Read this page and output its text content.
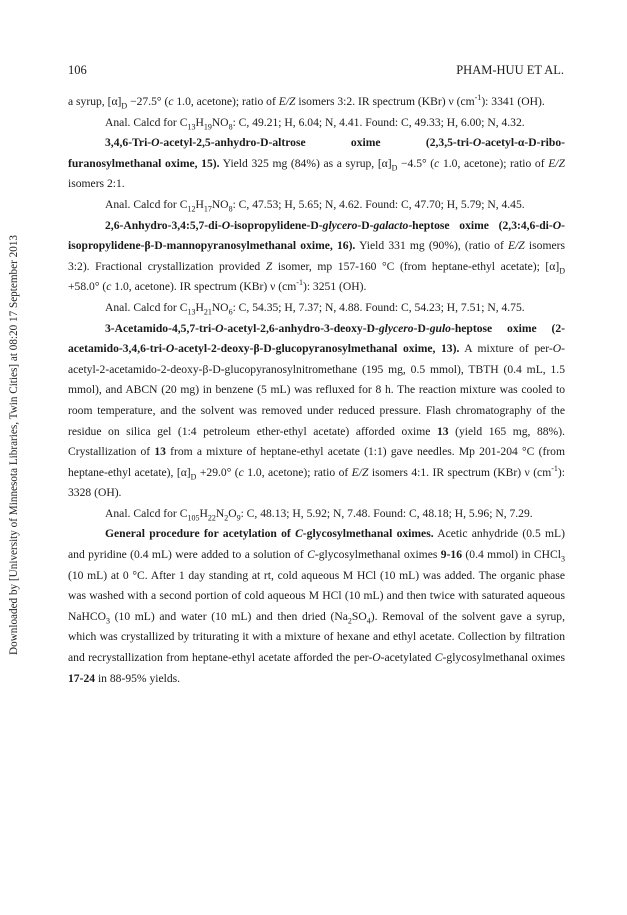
Downloaded by [University of Minnesota Libraries, Twin Cities] at 08:20 17 September 2013
106	PHAM-HUU ET AL.

a syrup, $[\alpha]_D -27.5^\circ$ (c 1.0, acetone); ratio of E/Z isomers 3:2. IR spectrum (KBr) ν $(cm^{-1})$: 3341 (OH).

Anal. Calcd for $C_{13}H_{19}NO_8$: C, 49.21; H, 6.04; N, 4.41. Found: C, 49.33; H, 6.00; N, 4.32.

3,4,6-Tri-O-acetyl-2,5-anhydro-D-altrose oxime (2,3,5-tri-O-acetyl-α-D-ribofuranosylmethanal oxime, 15). Yield 325 mg (84%) as a syrup, $[\alpha]_D -4.5^\circ$ (c 1.0, acetone); ratio of E/Z isomers 2:1.

Anal. Calcd for $C_{12}H_{17}NO_8$: C, 47.53; H, 5.65; N, 4.62. Found: C, 47.70; H, 5.79; N, 4.45.

2,6-Anhydro-3,4:5,7-di-O-isopropylidene-D-glycero-D-galacto-heptose oxime (2,3:4,6-di-O-isopropylidene-β-D-mannopyranosylmethanal oxime, 16). Yield 331 mg (90%), (ratio of E/Z isomers 3:2). Fractional crystallization provided Z isomer, mp 157-160 °C (from heptane-ethyl acetate); $[\alpha]_D +58.0^\circ$ (c 1.0, acetone). IR spectrum (KBr) ν $(cm^{-1})$: 3251 (OH).

Anal. Calcd for $C_{13}H_{21}NO_6$: C, 54.35; H, 7.37; N, 4.88. Found: C, 54.23; H, 7.51; N, 4.75.

3-Acetamido-4,5,7-tri-O-acetyl-2,6-anhydro-3-deoxy-D-glycero-D-gulo-heptose oxime (2-acetamido-3,4,6-tri-O-acetyl-2-deoxy-β-D-glucopyranosylmethanal oxime, 13). A mixture of per-O-acetyl-2-acetamido-2-deoxy-β-D-glucopyranosylnitromethane (195 mg, 0.5 mmol), TBTH (0.4 mL, 1.5 mmol), and ABCN (20 mg) in benzene (5 mL) was refluxed for 8 h. The reaction mixture was cooled to room temperature, and the solvent was removed under reduced pressure. Flash chromatography of the residue on silica gel (1:4 petroleum ether-ethyl acetate) afforded oxime 13 (yield 165 mg, 88%). Crystallization of 13 from a mixture of heptane-ethyl acetate (1:1) gave needles. Mp 201-204 °C (from heptane-ethyl acetate), $[\alpha]_D +29.0^\circ$ (c 1.0, acetone); ratio of E/Z isomers 4:1. IR spectrum (KBr) ν $(cm^{-1})$: 3328 (OH).

Anal. Calcd for $C_{105}H_{22}N_2O_9$: C, 48.13; H, 5.92; N, 7.48. Found: C, 48.18; H, 5.96; N, 7.29.

General procedure for acetylation of C-glycosylmethanal oximes. Acetic anhydride (0.5 mL) and pyridine (0.4 mL) were added to a solution of C-glycosylmethanal oximes 9-16 (0.4 mmol) in CHCl$_3$ (10 mL) at 0 °C. After 1 day standing at rt, cold aqueous M HCl (10 mL) was added. The organic phase was washed with a second portion of cold aqueous M HCl (10 mL) and then twice with saturated aqueous NaHCO$_3$ (10 mL) and water (10 mL) and then dried $(Na_2SO_4)$. Removal of the solvent gave a syrup, which was crystallized by triturating it with a mixture of hexane and ethyl acetate. Collection by filtration and recrystallization from heptane-ethyl acetate afforded the per-O-acetylated C-glycosylmethanal oximes 17-24 in 88-95% yields.
